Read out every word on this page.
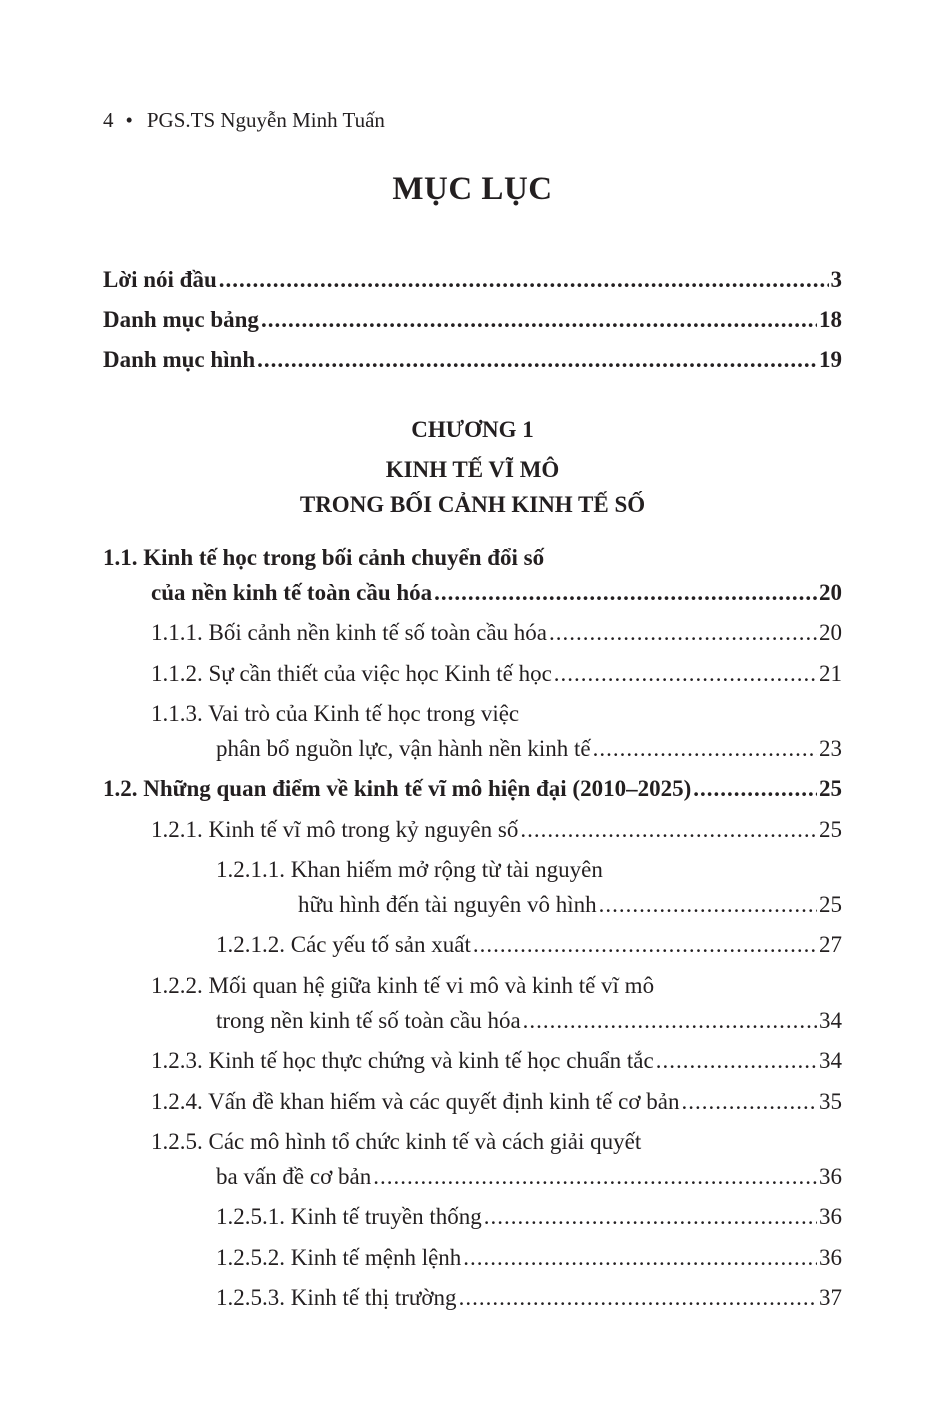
4 • PGS.TS Nguyễn Minh Tuấn
MỤC LỤC
Lời nói đầu .....	3
Danh mục bảng .....	18
Danh mục hình .....	19
CHƯƠNG 1
KINH TẾ VĨ MÔ
TRONG BỐI CẢNH KINH TẾ SỐ
1.1. Kinh tế học trong bối cảnh chuyển đổi số
của nền kinh tế toàn cầu hóa .....	20
1.1.1. Bối cảnh nền kinh tế số toàn cầu hóa .....	20
1.1.2. Sự cần thiết của việc học Kinh tế học .....	21
1.1.3. Vai trò của Kinh tế học trong việc
phân bổ nguồn lực, vận hành nền kinh tế .....	23
1.2. Những quan điểm về kinh tế vĩ mô hiện đại (2010–2025) .....	25
1.2.1. Kinh tế vĩ mô trong kỷ nguyên số .....	25
1.2.1.1. Khan hiếm mở rộng từ tài nguyên
hữu hình đến tài nguyên vô hình .....	25
1.2.1.2. Các yếu tố sản xuất .....	27
1.2.2. Mối quan hệ giữa kinh tế vi mô và kinh tế vĩ mô
trong nền kinh tế số toàn cầu hóa .....	34
1.2.3. Kinh tế học thực chứng và kinh tế học chuẩn tắc .....	34
1.2.4. Vấn đề khan hiếm và các quyết định kinh tế cơ bản .....	35
1.2.5. Các mô hình tổ chức kinh tế và cách giải quyết
ba vấn đề cơ bản .....	36
1.2.5.1. Kinh tế truyền thống .....	36
1.2.5.2. Kinh tế mệnh lệnh .....	36
1.2.5.3. Kinh tế thị trường .....	37
